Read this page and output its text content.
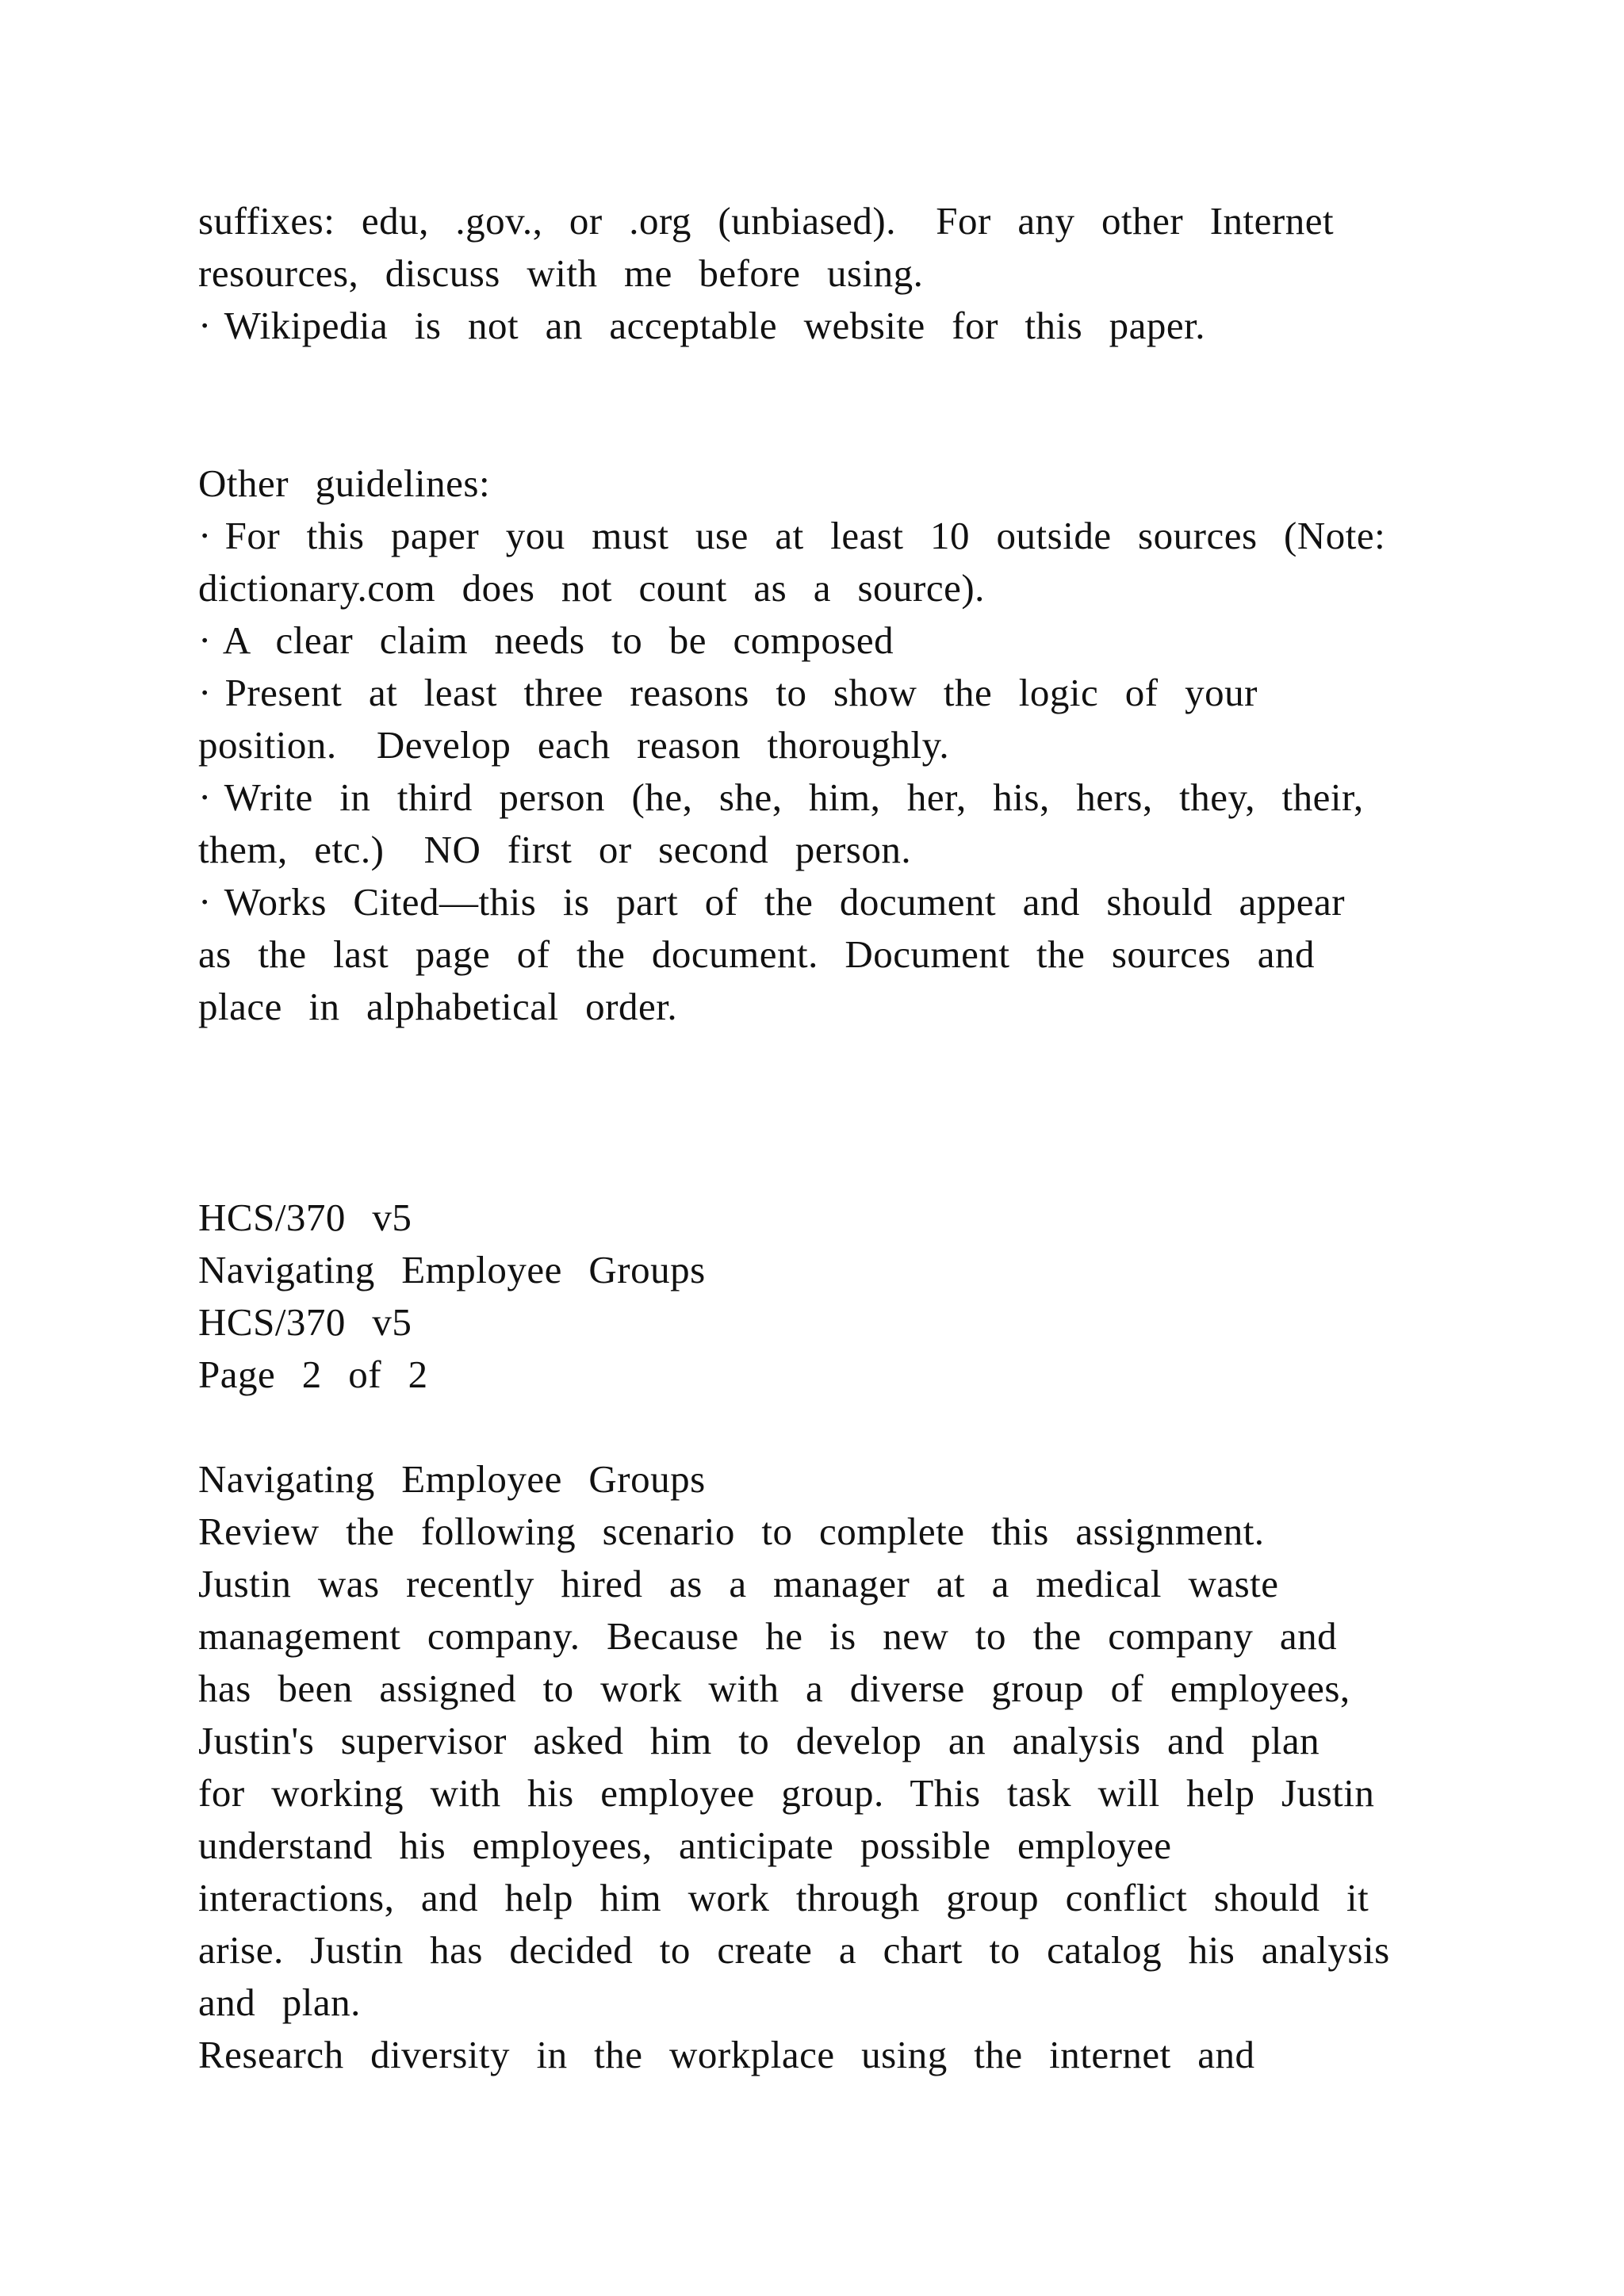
suffixes:  edu,  .gov.,  or  .org  (unbiased).   For  any  other  Internet
resources,  discuss  with  me  before  using.
· Wikipedia  is  not  an  acceptable  website  for  this  paper.
Other  guidelines:
· For  this  paper  you  must  use  at  least  10  outside  sources  (Note:
dictionary.com  does  not  count  as  a  source).
· A  clear  claim  needs  to  be  composed
· Present  at  least  three  reasons  to  show  the  logic  of  your
position.   Develop  each  reason  thoroughly.
· Write  in  third  person  (he,  she,  him,  her,  his,  hers,  they,  their,
them,  etc.)   NO  first  or  second  person.
· Works  Cited—this  is  part  of  the  document  and  should  appear
as  the  last  page  of  the  document.  Document  the  sources  and
place  in  alphabetical  order.
HCS/370  v5
Navigating  Employee  Groups
HCS/370  v5
Page  2  of  2
Navigating  Employee  Groups
Review  the  following  scenario  to  complete  this  assignment.
Justin  was  recently  hired  as  a  manager  at  a  medical  waste
management  company.  Because  he  is  new  to  the  company  and
has  been  assigned  to  work  with  a  diverse  group  of  employees,
Justin's  supervisor  asked  him  to  develop  an  analysis  and  plan
for  working  with  his  employee  group.  This  task  will  help  Justin
understand  his  employees,  anticipate  possible  employee
interactions,  and  help  him  work  through  group  conflict  should  it
arise.  Justin  has  decided  to  create  a  chart  to  catalog  his  analysis
and  plan.
Research  diversity  in  the  workplace  using  the  internet  and
